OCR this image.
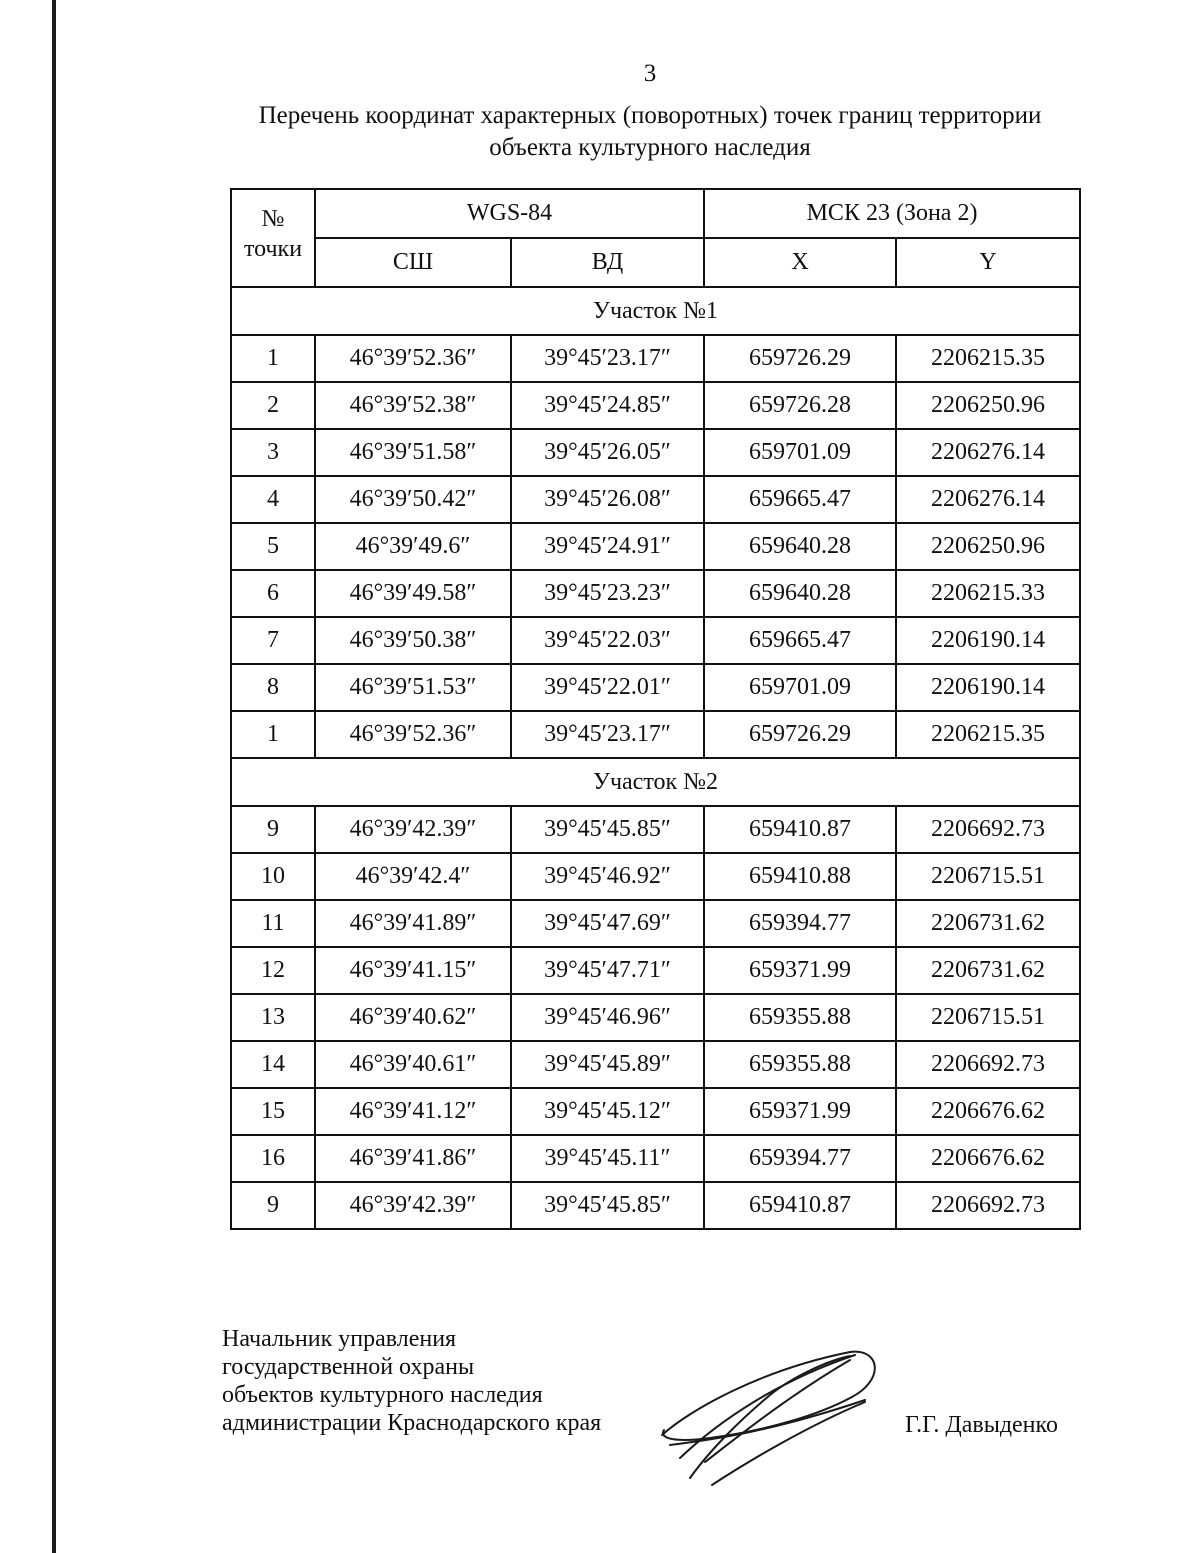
3
Перечень координат характерных (поворотных) точек границ территории
объекта культурного наследия
№
точки	WGS-84		МСК 23 (Зона 2)	
	СШ	ВД	X	Y
Участок №1				
1	46°39′52.36″	39°45′23.17″	659726.29	2206215.35
2	46°39′52.38″	39°45′24.85″	659726.28	2206250.96
3	46°39′51.58″	39°45′26.05″	659701.09	2206276.14
4	46°39′50.42″	39°45′26.08″	659665.47	2206276.14
5	46°39′49.6″	39°45′24.91″	659640.28	2206250.96
6	46°39′49.58″	39°45′23.23″	659640.28	2206215.33
7	46°39′50.38″	39°45′22.03″	659665.47	2206190.14
8	46°39′51.53″	39°45′22.01″	659701.09	2206190.14
1	46°39′52.36″	39°45′23.17″	659726.29	2206215.35
Участок №2				
9	46°39′42.39″	39°45′45.85″	659410.87	2206692.73
10	46°39′42.4″	39°45′46.92″	659410.88	2206715.51
11	46°39′41.89″	39°45′47.69″	659394.77	2206731.62
12	46°39′41.15″	39°45′47.71″	659371.99	2206731.62
13	46°39′40.62″	39°45′46.96″	659355.88	2206715.51
14	46°39′40.61″	39°45′45.89″	659355.88	2206692.73
15	46°39′41.12″	39°45′45.12″	659371.99	2206676.62
16	46°39′41.86″	39°45′45.11″	659394.77	2206676.62
9	46°39′42.39″	39°45′45.85″	659410.87	2206692.73
Начальник управления
государственной охраны
объектов культурного наследия
администрации Краснодарского края	Г.Г. Давыденко
